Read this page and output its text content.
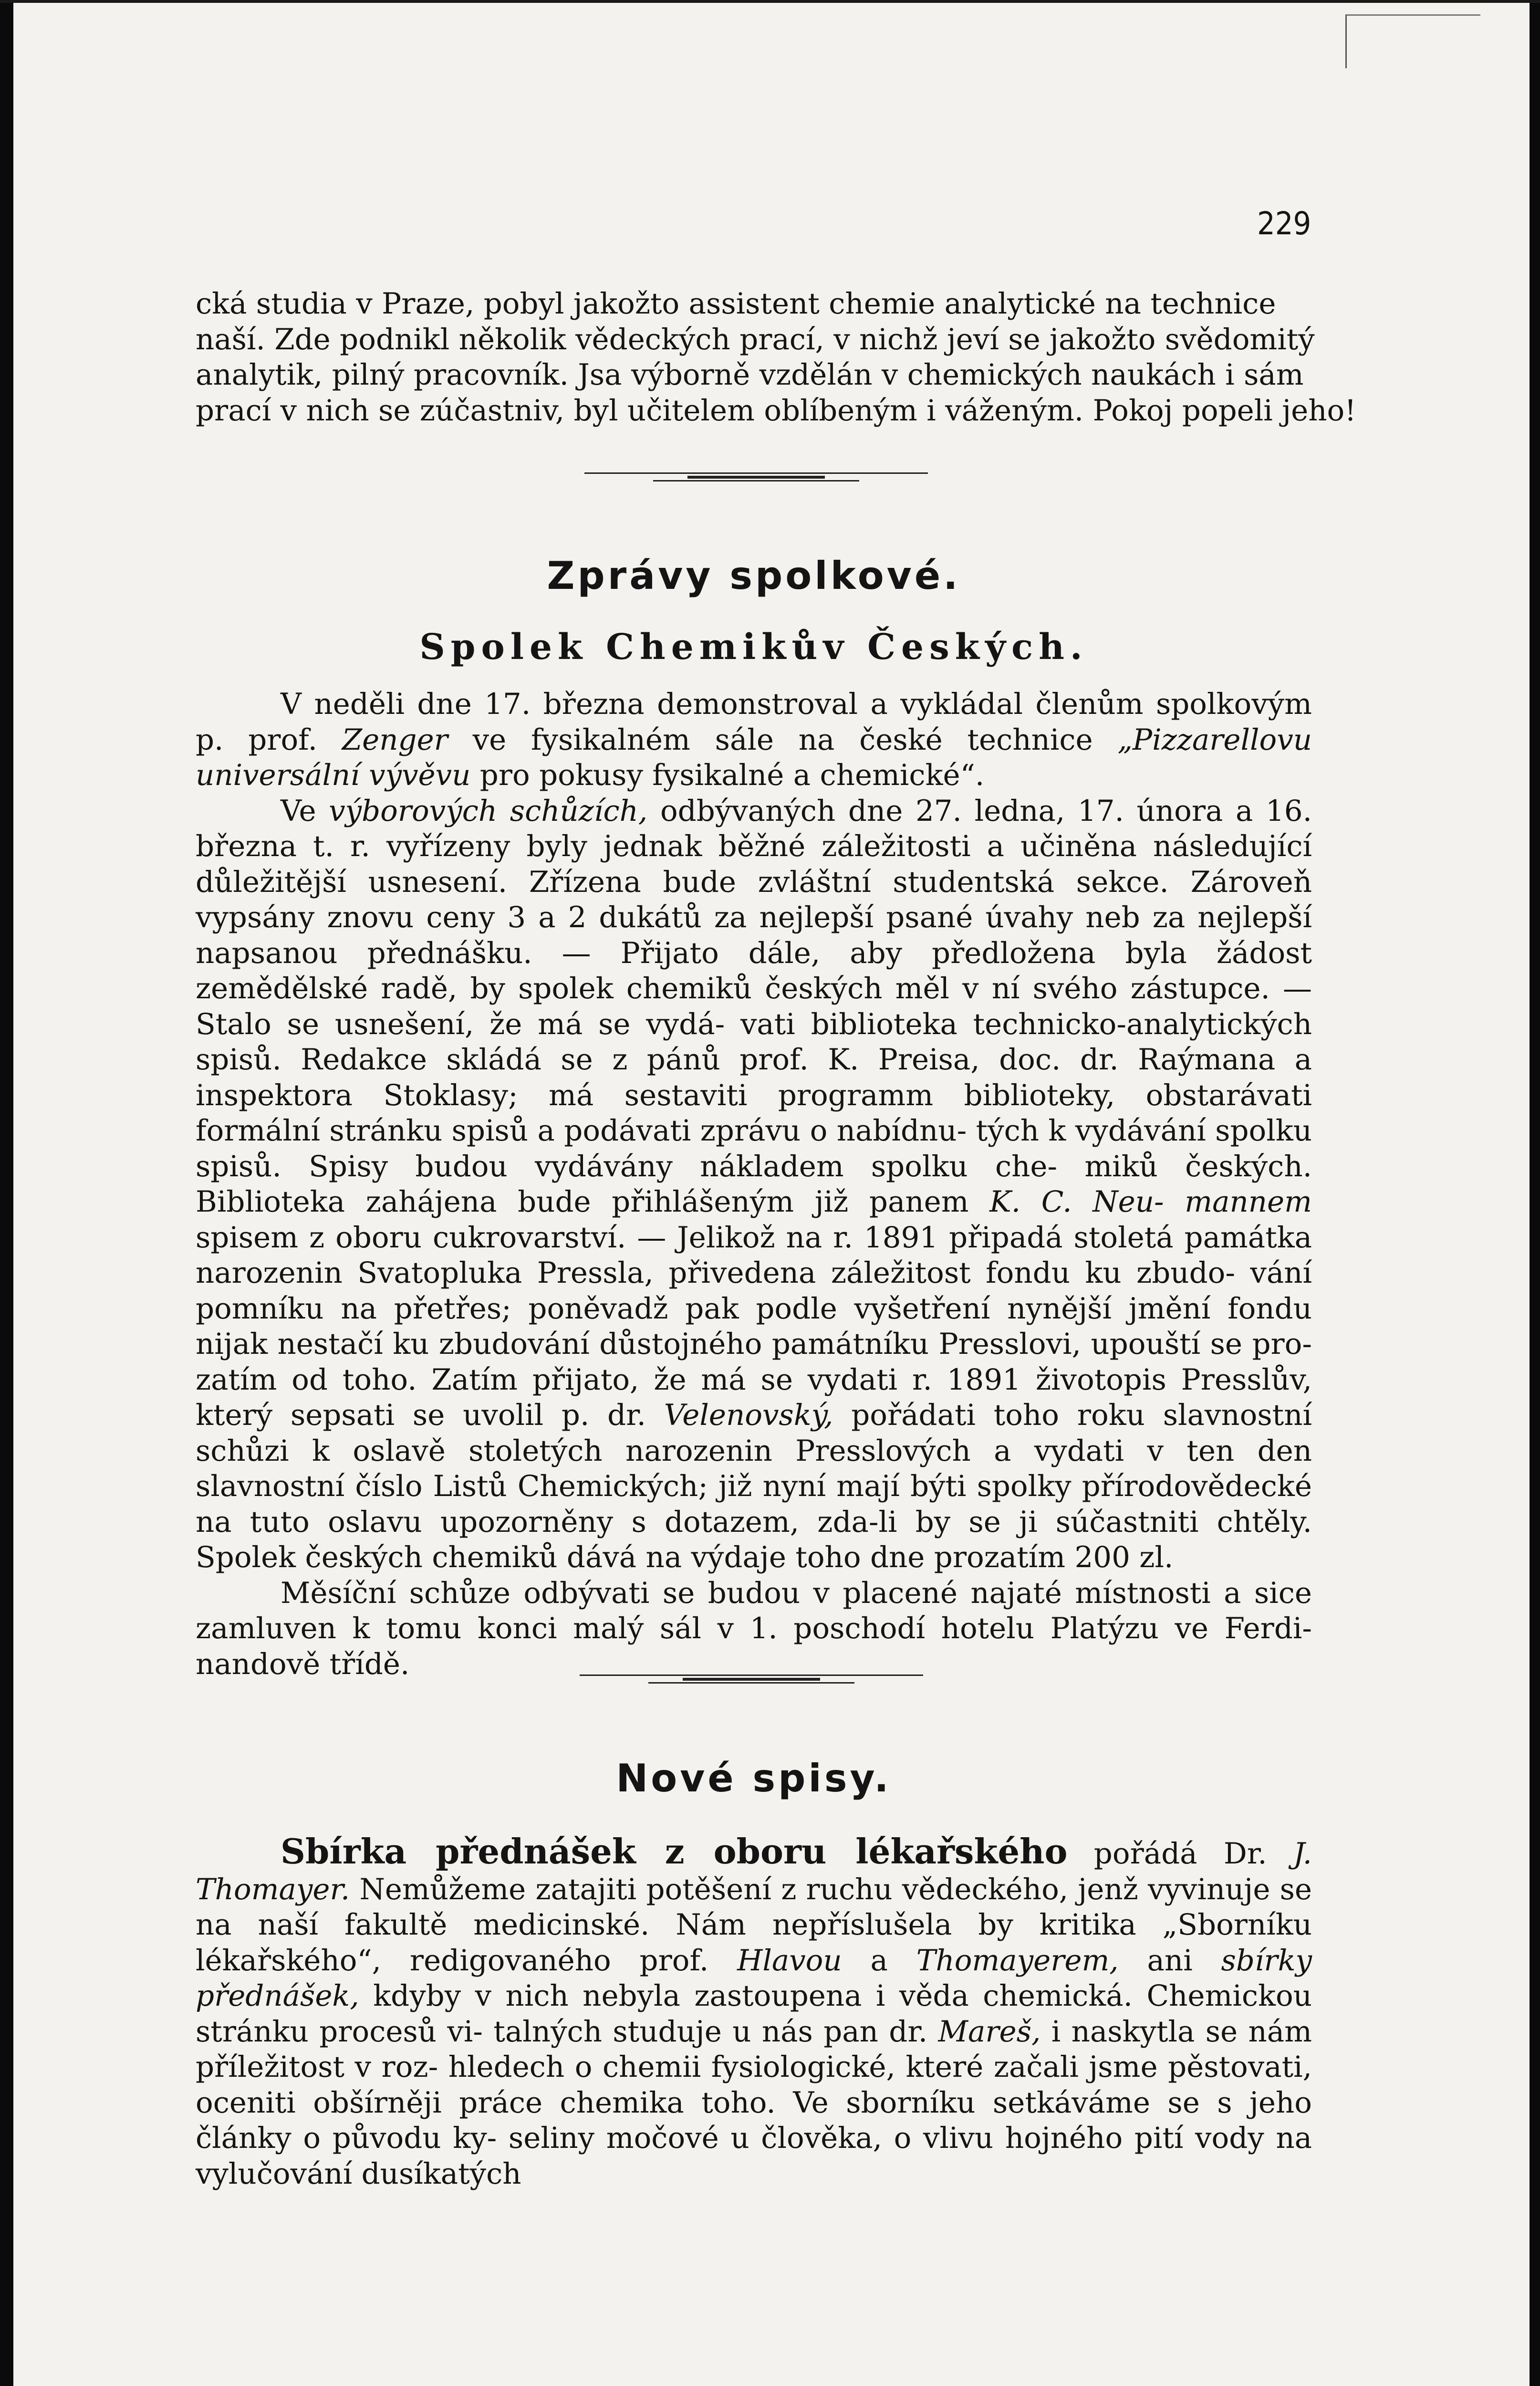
229

cká studia v Praze, pobyl jakožto assistent chemie analytické na technice
naší. Zde podnikl několik vědeckých prací, v nichž jeví se jakožto svědomitý
analytik, pilný pracovník. Jsa výborně vzdělán v chemických naukách i sám
prací v nich se zúčastniv, byl učitelem oblíbeným i váženým. Pokoj popeli jeho!

Zprávy spolkové.
Spolek Chemikův Českých.

V neděli dne 17. března demonstroval a vykládal členům spolkovým p. prof. Zenger ve fysikalném sále na české technice „Pizzarellovu universální vývěvu pro pokusy fysikalné a chemické“.

Ve výborových schůzích, odbývaných dne 27. ledna, 17. února a 16. března t. r. vyřízeny byly jednak běžné záležitosti a učiněna následující důležitější usnesení. Zřízena bude zvláštní studentská sekce. Zároveň vypsány znovu ceny 3 a 2 dukátů za nejlepší psané úvahy neb za nejlepší napsanou přednášku. — Přijato dále, aby předložena byla žádost zemědělské radě, by spolek chemiků českých měl v ní svého zástupce. — Stalo se usnešení, že má se vydá- vati biblioteka technicko-analytických spisů. Redakce skládá se z pánů prof. K. Preisa, doc. dr. Raýmana a inspektora Stoklasy; má sestaviti programm biblioteky, obstarávati formální stránku spisů a podávati zprávu o nabídnu- tých k vydávání spolku spisů. Spisy budou vydávány nákladem spolku che- miků českých. Biblioteka zahájena bude přihlášeným již panem K. C. Neu- mannem spisem z oboru cukrovarství. — Jelikož na r. 1891 připadá stoletá památka narozenin Svatopluka Pressla, přivedena záležitost fondu ku zbudo- vání pomníku na přetřes; poněvadž pak podle vyšetření nynější jmění fondu nijak nestačí ku zbudování důstojného památníku Presslovi, upouští se pro- zatím od toho. Zatím přijato, že má se vydati r. 1891 životopis Presslův, který sepsati se uvolil p. dr. Velenovský, pořádati toho roku slavnostní schůzi k oslavě stoletých narozenin Presslových a vydati v ten den slavnostní číslo Listů Chemických; již nyní mají býti spolky přírodovědecké na tuto oslavu upozorněny s dotazem, zda-li by se ji súčastniti chtěly. Spolek českých chemiků dává na výdaje toho dne prozatím 200 zl.

Měsíční schůze odbývati se budou v placené najaté místnosti a sice zamluven k tomu konci malý sál v 1. poschodí hotelu Platýzu ve Ferdi- nandově třídě.

Nové spisy.

Sbírka přednášek z oboru lékařského pořádá Dr. J. Thomayer. Nemůžeme zatajiti potěšení z ruchu vědeckého, jenž vyvinuje se na naší fakultě medicinské. Nám nepříslušela by kritika „Sborníku lékařského“, redigovaného prof. Hlavou a Thomayerem, ani sbírky přednášek, kdyby v nich nebyla zastoupena i věda chemická. Chemickou stránku procesů vi- talných studuje u nás pan dr. Mareš, i naskytla se nám příležitost v roz- hledech o chemii fysiologické, které začali jsme pěstovati, oceniti obšírněji práce chemika toho. Ve sborníku setkáváme se s jeho články o původu ky- seliny močové u člověka, o vlivu hojného pití vody na vylučování dusíkatých
